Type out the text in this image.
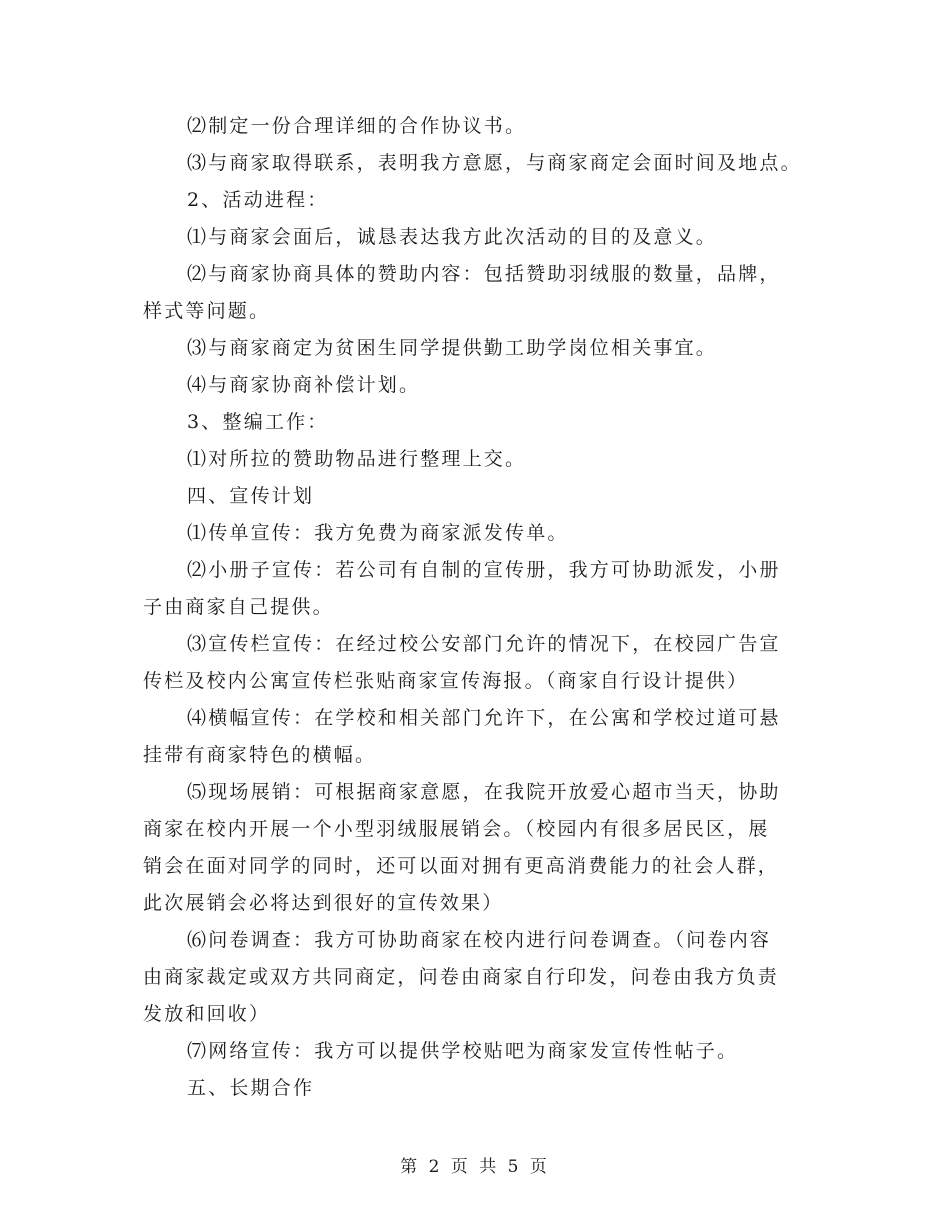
⑵制定一份合理详细的合作协议书。
⑶与商家取得联系，表明我方意愿，与商家商定会面时间及地点。
2、活动进程：
⑴与商家会面后，诚恳表达我方此次活动的目的及意义。
⑵与商家协商具体的赞助内容：包括赞助羽绒服的数量，品牌，
样式等问题。
⑶与商家商定为贫困生同学提供勤工助学岗位相关事宜。
⑷与商家协商补偿计划。
3、整编工作：
⑴对所拉的赞助物品进行整理上交。
四、宣传计划
⑴传单宣传：我方免费为商家派发传单。
⑵小册子宣传：若公司有自制的宣传册，我方可协助派发，小册
子由商家自己提供。
⑶宣传栏宣传：在经过校公安部门允许的情况下，在校园广告宣
传栏及校内公寓宣传栏张贴商家宣传海报。（商家自行设计提供）
⑷横幅宣传：在学校和相关部门允许下，在公寓和学校过道可悬
挂带有商家特色的横幅。
⑸现场展销：可根据商家意愿，在我院开放爱心超市当天，协助
商家在校内开展一个小型羽绒服展销会。（校园内有很多居民区，展
销会在面对同学的同时，还可以面对拥有更高消费能力的社会人群，
此次展销会必将达到很好的宣传效果）
⑹问卷调查：我方可协助商家在校内进行问卷调查。（问卷内容
由商家裁定或双方共同商定，问卷由商家自行印发，问卷由我方负责
发放和回收）
⑺网络宣传：我方可以提供学校贴吧为商家发宣传性帖子。
五、长期合作
第 2 页 共 5 页
